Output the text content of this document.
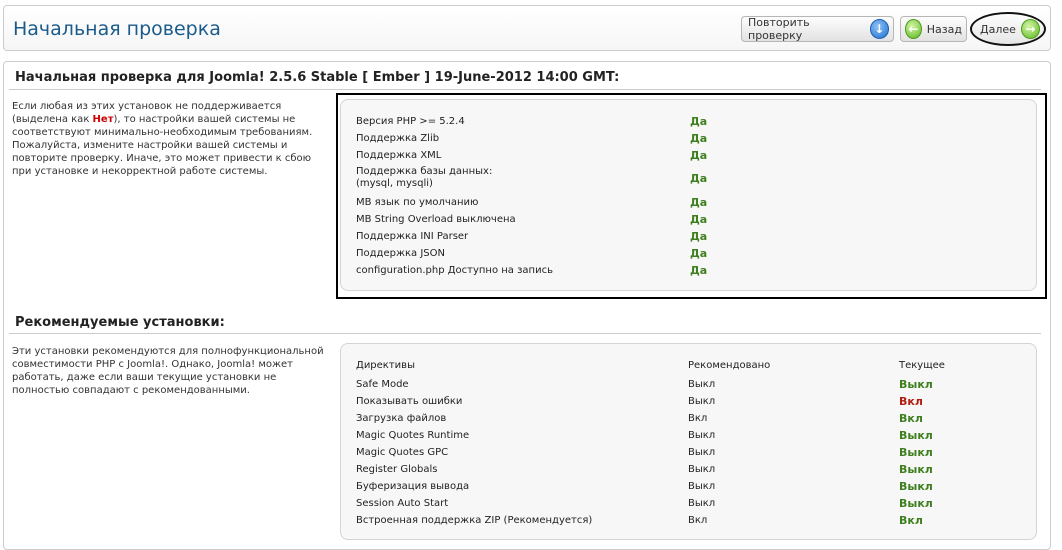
Начальная проверка	Повторить проверку	↓	← Назад Далее →
Начальная проверка для Joomla! 2.5.6 Stable [ Ember ] 19-June-2012 14:00 GMT:
Если любая из этих установок не поддерживается (выделена как Нет), то настройки вашей системы не соответствуют минимально-необходимым требованиям. Пожалуйста, измените настройки вашей системы и повторите проверку. Иначе, это может привести к сбою при установке и некорректной работе системы.
Версия PHP >= 5.2.4	Да
Поддержка Zlib	Да
Поддержка XML	Да
Поддержка базы данных:
(mysql, mysqli)	Да
MB язык по умолчанию	Да
MB String Overload выключена	Да
Поддержка INI Parser	Да
Поддержка JSON	Да
configuration.php Доступно на запись	Да
Рекомендуемые установки:
Эти установки рекомендуются для полнофункциональной совместимости PHP с Joomla!. Однако, Joomla! может работать, даже если ваши текущие установки не полностью совпадают с рекомендованными.
Директивы	Рекомендовано	Текущее
Safe Mode	Выкл	Выкл
Показывать ошибки	Выкл	Вкл
Загрузка файлов	Вкл	Вкл
Magic Quotes Runtime	Выкл	Выкл
Magic Quotes GPC	Выкл	Выкл
Register Globals	Выкл	Выкл
Буферизация вывода	Выкл	Выкл
Session Auto Start	Выкл	Выкл
Встроенная поддержка ZIP (Рекомендуется)	Вкл	Вкл
